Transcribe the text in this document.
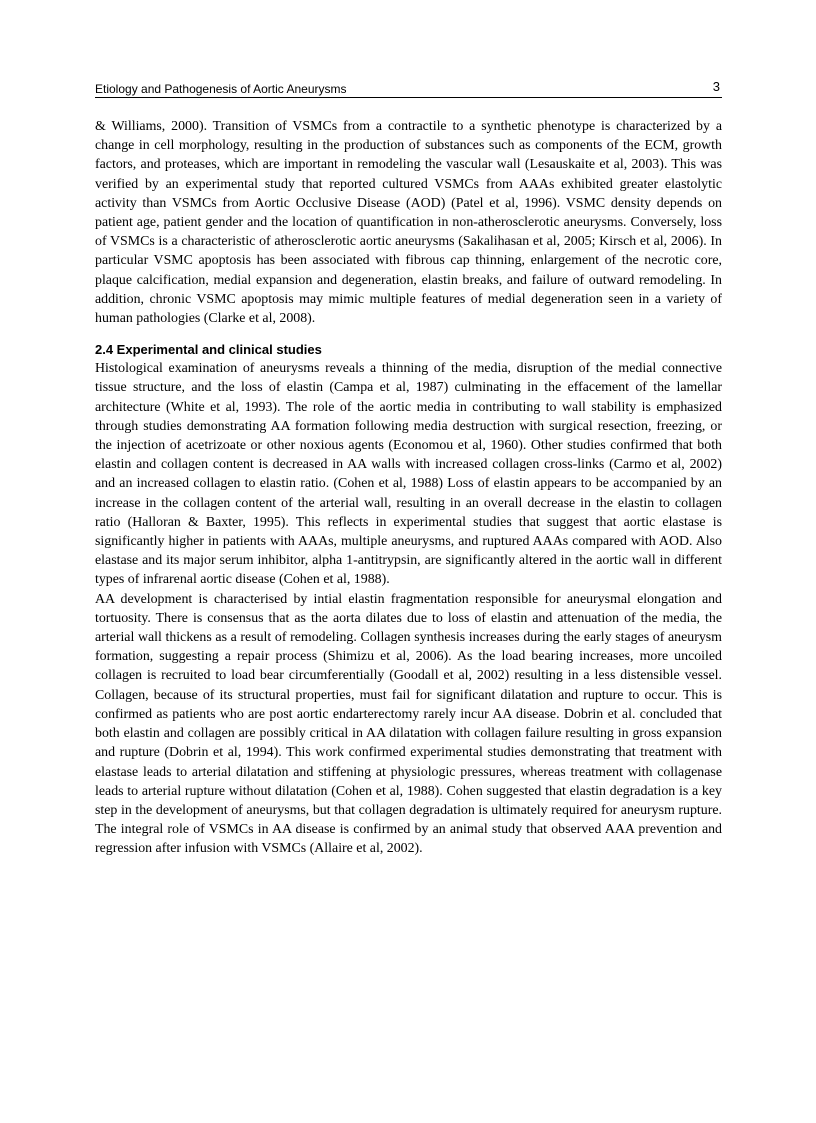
Etiology and Pathogenesis of Aortic Aneurysms	3

& Williams, 2000). Transition of VSMCs from a contractile to a synthetic phenotype is characterized by a change in cell morphology, resulting in the production of substances such as components of the ECM, growth factors, and proteases, which are important in remodeling the vascular wall (Lesauskaite et al, 2003). This was verified by an experimental study that reported cultured VSMCs from AAAs exhibited greater elastolytic activity than VSMCs from Aortic Occlusive Disease (AOD) (Patel et al, 1996). VSMC density depends on patient age, patient gender and the location of quantification in non-atherosclerotic aneurysms. Conversely, loss of VSMCs is a characteristic of atherosclerotic aortic aneurysms (Sakalihasan et al, 2005; Kirsch et al, 2006). In particular VSMC apoptosis has been associated with fibrous cap thinning, enlargement of the necrotic core, plaque calcification, medial expansion and degeneration, elastin breaks, and failure of outward remodeling. In addition, chronic VSMC apoptosis may mimic multiple features of medial degeneration seen in a variety of human pathologies (Clarke et al, 2008).

2.4 Experimental and clinical studies

Histological examination of aneurysms reveals a thinning of the media, disruption of the medial connective tissue structure, and the loss of elastin (Campa et al, 1987) culminating in the effacement of the lamellar architecture (White et al, 1993). The role of the aortic media in contributing to wall stability is emphasized through studies demonstrating AA formation following media destruction with surgical resection, freezing, or the injection of acetrizoate or other noxious agents (Economou et al, 1960). Other studies confirmed that both elastin and collagen content is decreased in AA walls with increased collagen cross-links (Carmo et al, 2002) and an increased collagen to elastin ratio. (Cohen et al, 1988) Loss of elastin appears to be accompanied by an increase in the collagen content of the arterial wall, resulting in an overall decrease in the elastin to collagen ratio (Halloran & Baxter, 1995). This reflects in experimental studies that suggest that aortic elastase is significantly higher in patients with AAAs, multiple aneurysms, and ruptured AAAs compared with AOD. Also elastase and its major serum inhibitor, alpha 1-antitrypsin, are significantly altered in the aortic wall in different types of infrarenal aortic disease (Cohen et al, 1988).

AA development is characterised by intial elastin fragmentation responsible for aneurysmal elongation and tortuosity. There is consensus that as the aorta dilates due to loss of elastin and attenuation of the media, the arterial wall thickens as a result of remodeling. Collagen synthesis increases during the early stages of aneurysm formation, suggesting a repair process (Shimizu et al, 2006). As the load bearing increases, more uncoiled collagen is recruited to load bear circumferentially (Goodall et al, 2002) resulting in a less distensible vessel. Collagen, because of its structural properties, must fail for significant dilatation and rupture to occur. This is confirmed as patients who are post aortic endarterectomy rarely incur AA disease. Dobrin et al. concluded that both elastin and collagen are possibly critical in AA dilatation with collagen failure resulting in gross expansion and rupture (Dobrin et al, 1994). This work confirmed experimental studies demonstrating that treatment with elastase leads to arterial dilatation and stiffening at physiologic pressures, whereas treatment with collagenase leads to arterial rupture without dilatation (Cohen et al, 1988). Cohen suggested that elastin degradation is a key step in the development of aneurysms, but that collagen degradation is ultimately required for aneurysm rupture. The integral role of VSMCs in AA disease is confirmed by an animal study that observed AAA prevention and regression after infusion with VSMCs (Allaire et al, 2002).
